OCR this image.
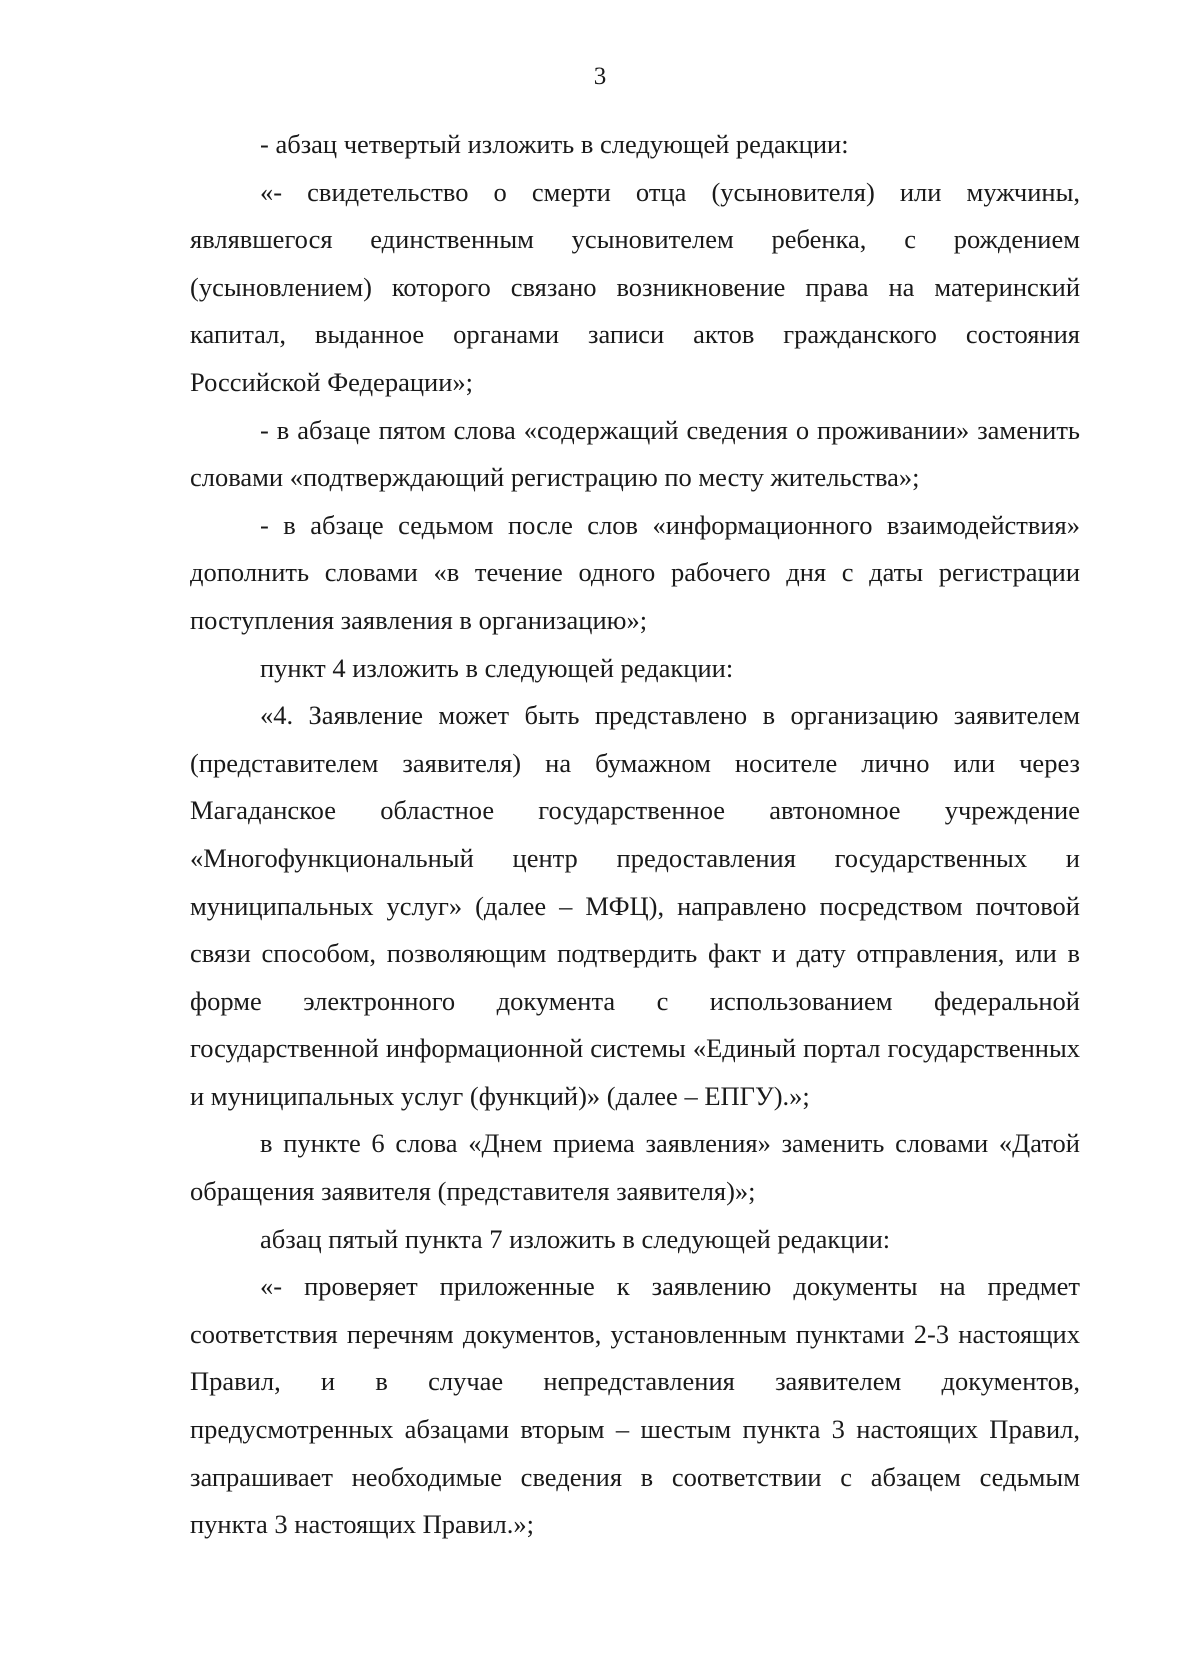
3

- абзац четвертый изложить в следующей редакции:

«- свидетельство о смерти отца (усыновителя) или мужчины, являвшегося единственным усыновителем ребенка, с рождением (усыновлением) которого связано возникновение права на материнский капитал, выданное органами записи актов гражданского состояния Российской Федерации»;

- в абзаце пятом слова «содержащий сведения о проживании» заменить словами «подтверждающий регистрацию по месту жительства»;

- в абзаце седьмом после слов «информационного взаимодействия» дополнить словами «в течение одного рабочего дня с даты регистрации поступления заявления в организацию»;

пункт 4 изложить в следующей редакции:

«4. Заявление может быть представлено в организацию заявителем (представителем заявителя) на бумажном носителе лично или через Магаданское областное государственное автономное учреждение «Многофункциональный центр предоставления государственных и муниципальных услуг» (далее – МФЦ), направлено посредством почтовой связи способом, позволяющим подтвердить факт и дату отправления, или в форме электронного документа с использованием федеральной государственной информационной системы «Единый портал государственных и муниципальных услуг (функций)» (далее – ЕПГУ).»;

в пункте 6 слова «Днем приема заявления» заменить словами «Датой обращения заявителя (представителя заявителя)»;

абзац пятый пункта 7 изложить в следующей редакции:

«- проверяет приложенные к заявлению документы на предмет соответствия перечням документов, установленным пунктами 2-3 настоящих Правил, и в случае непредставления заявителем документов, предусмотренных абзацами вторым – шестым пункта 3 настоящих Правил, запрашивает необходимые сведения в соответствии с абзацем седьмым пункта 3 настоящих Правил.»;
